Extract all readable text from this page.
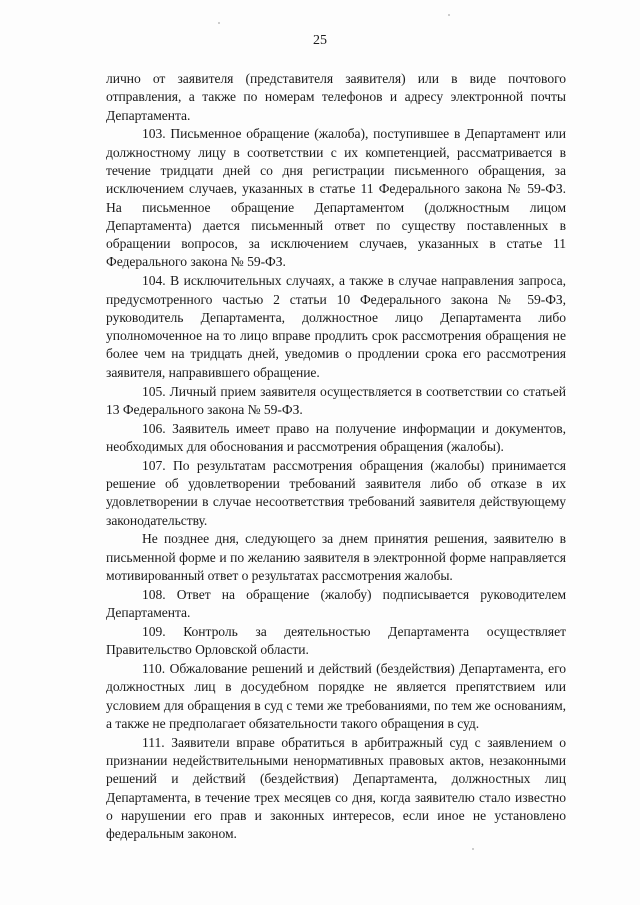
25

лично от заявителя (представителя заявителя) или в виде почтового отправления, а также по номерам телефонов и адресу электронной почты Департамента.

103. Письменное обращение (жалоба), поступившее в Департамент или должностному лицу в соответствии с их компетенцией, рассматривается в течение тридцати дней со дня регистрации письменного обращения, за исключением случаев, указанных в статье 11 Федерального закона № 59-ФЗ. На письменное обращение Департаментом (должностным лицом Департамента) дается письменный ответ по существу поставленных в обращении вопросов, за исключением случаев, указанных в статье 11 Федерального закона № 59-ФЗ.

104. В исключительных случаях, а также в случае направления запроса, предусмотренного частью 2 статьи 10 Федерального закона № 59-ФЗ, руководитель Департамента, должностное лицо Департамента либо уполномоченное на то лицо вправе продлить срок рассмотрения обращения не более чем на тридцать дней, уведомив о продлении срока его рассмотрения заявителя, направившего обращение.

105. Личный прием заявителя осуществляется в соответствии со статьей 13 Федерального закона № 59-ФЗ.

106. Заявитель имеет право на получение информации и документов, необходимых для обоснования и рассмотрения обращения (жалобы).

107. По результатам рассмотрения обращения (жалобы) принимается решение об удовлетворении требований заявителя либо об отказе в их удовлетворении в случае несоответствия требований заявителя действующему законодательству.

Не позднее дня, следующего за днем принятия решения, заявителю в письменной форме и по желанию заявителя в электронной форме направляется мотивированный ответ о результатах рассмотрения жалобы.

108. Ответ на обращение (жалобу) подписывается руководителем Департамента.

109. Контроль за деятельностью Департамента осуществляет Правительство Орловской области.

110. Обжалование решений и действий (бездействия) Департамента, его должностных лиц в досудебном порядке не является препятствием или условием для обращения в суд с теми же требованиями, по тем же основаниям, а также не предполагает обязательности такого обращения в суд.

111. Заявители вправе обратиться в арбитражный суд с заявлением о признании недействительными ненормативных правовых актов, незаконными решений и действий (бездействия) Департамента, должностных лиц Департамента, в течение трех месяцев со дня, когда заявителю стало известно о нарушении его прав и законных интересов, если иное не установлено федеральным законом.
